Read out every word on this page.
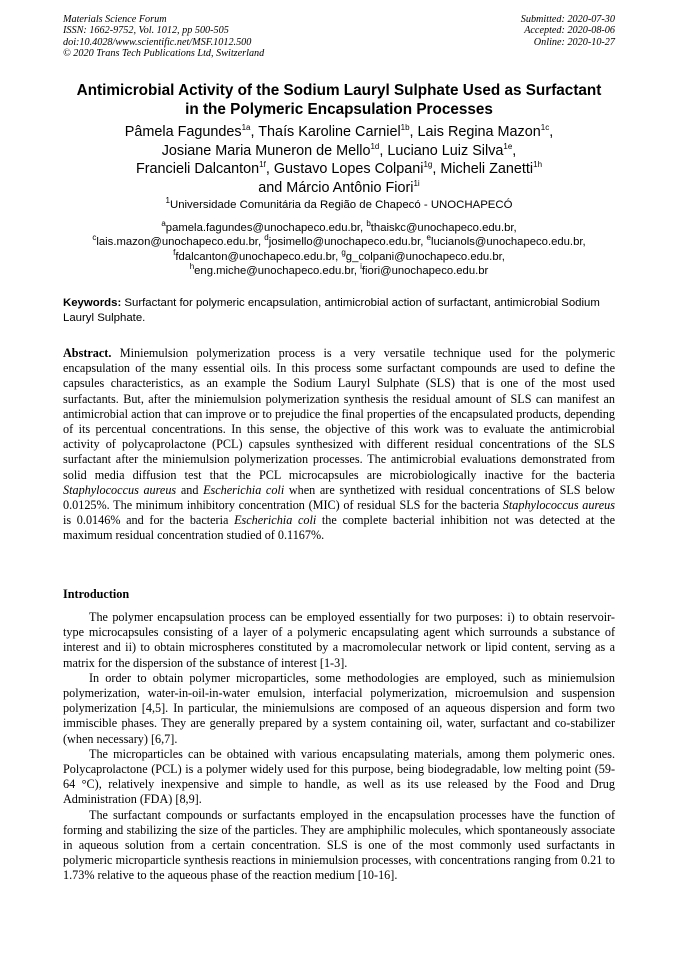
Materials Science Forum
ISSN: 1662-9752, Vol. 1012, pp 500-505
doi:10.4028/www.scientific.net/MSF.1012.500
© 2020 Trans Tech Publications Ltd, Switzerland
Submitted: 2020-07-30
Accepted: 2020-08-06
Online: 2020-10-27
Antimicrobial Activity of the Sodium Lauryl Sulphate Used as Surfactant
in the Polymeric Encapsulation Processes
Pâmela Fagundes$^{1a}$, Thaís Karoline Carniel$^{1b}$, Lais Regina Mazon$^{1c}$,
Josiane Maria Muneron de Mello$^{1d}$, Luciano Luiz Silva$^{1e}$,
Francieli Dalcanton$^{1f}$, Gustavo Lopes Colpani$^{1g}$, Micheli Zanetti$^{1h}$
and Márcio Antônio Fiori$^{1i}$
$^1$Universidade Comunitária da Região de Chapecó - UNOCHAPECÓ
$^a$pamela.fagundes@unochapeco.edu.br, $^b$thaiskc@unochapeco.edu.br,
$^c$lais.mazon@unochapeco.edu.br, $^d$josimello@unochapeco.edu.br, $^e$lucianols@unochapeco.edu.br,
$^f$fdalcanton@unochapeco.edu.br, $^g$g_colpani@unochapeco.edu.br,
$^h$eng.miche@unochapeco.edu.br, $^i$fiori@unochapeco.edu.br
Keywords: Surfactant for polymeric encapsulation, antimicrobial action of surfactant, antimicrobial Sodium Lauryl Sulphate.
Abstract. Miniemulsion polymerization process is a very versatile technique used for the polymeric encapsulation of the many essential oils. In this process some surfactant compounds are used to define the capsules characteristics, as an example the Sodium Lauryl Sulphate (SLS) that is one of the most used surfactants. But, after the miniemulsion polymerization synthesis the residual amount of SLS can manifest an antimicrobial action that can improve or to prejudice the final properties of the encapsulated products, depending of its percentual concentrations. In this sense, the objective of this work was to evaluate the antimicrobial activity of polycaprolactone (PCL) capsules synthesized with different residual concentrations of the SLS surfactant after the miniemulsion polymerization processes. The antimicrobial evaluations demonstrated from solid media diffusion test that the PCL microcapsules are microbiologically inactive for the bacteria Staphylococcus aureus and Escherichia coli when are synthetized with residual concentrations of SLS below 0.0125%. The minimum inhibitory concentration (MIC) of residual SLS for the bacteria Staphylococcus aureus is 0.0146% and for the bacteria Escherichia coli the complete bacterial inhibition not was detected at the maximum residual concentration studied of 0.1167%.
Introduction

The polymer encapsulation process can be employed essentially for two purposes: i) to obtain reservoir-type microcapsules consisting of a layer of a polymeric encapsulating agent which surrounds a substance of interest and ii) to obtain microspheres constituted by a macromolecular network or lipid content, serving as a matrix for the dispersion of the substance of interest [1-3].

In order to obtain polymer microparticles, some methodologies are employed, such as miniemulsion polymerization, water-in-oil-in-water emulsion, interfacial polymerization, microemulsion and suspension polymerization [4,5]. In particular, the miniemulsions are composed of an aqueous dispersion and form two immiscible phases. They are generally prepared by a system containing oil, water, surfactant and co-stabilizer (when necessary) [6,7].

The microparticles can be obtained with various encapsulating materials, among them polymeric ones. Polycaprolactone (PCL) is a polymer widely used for this purpose, being biodegradable, low melting point (59-64 °C), relatively inexpensive and simple to handle, as well as its use released by the Food and Drug Administration (FDA) [8,9].

The surfactant compounds or surfactants employed in the encapsulation processes have the function of forming and stabilizing the size of the particles. They are amphiphilic molecules, which spontaneously associate in aqueous solution from a certain concentration. SLS is one of the most commonly used surfactants in polymeric microparticle synthesis reactions in miniemulsion processes, with concentrations ranging from 0.21 to 1.73% relative to the aqueous phase of the reaction medium [10-16].
